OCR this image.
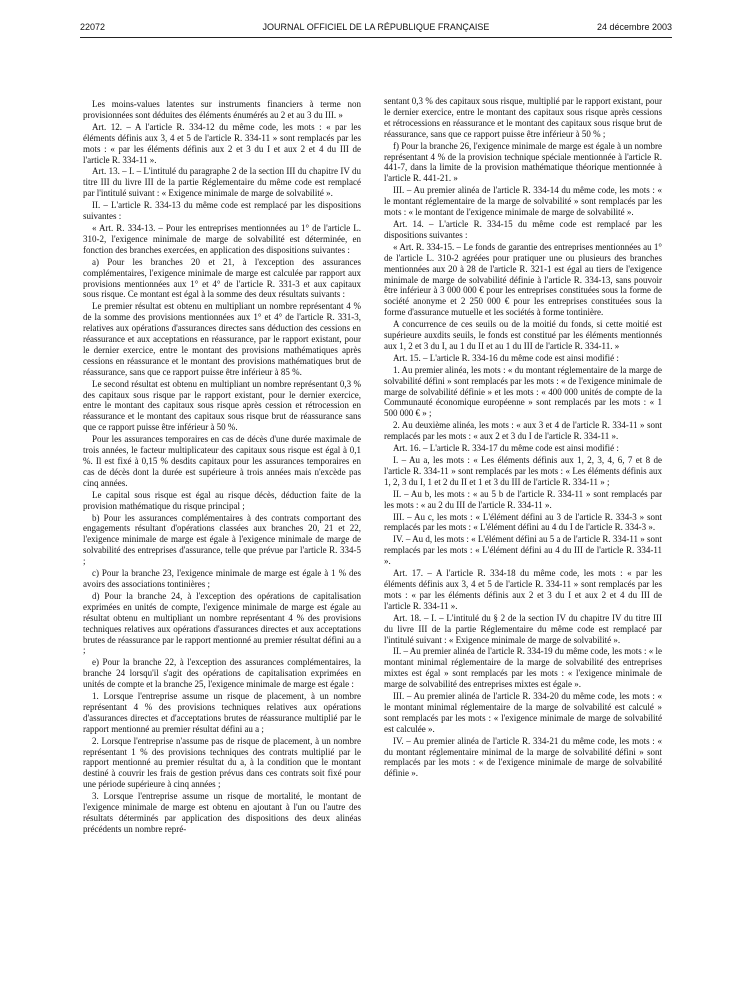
22072	JOURNAL OFFICIEL DE LA RÉPUBLIQUE FRANÇAISE	24 décembre 2003

Les moins-values latentes sur instruments financiers à terme non provisionnées sont déduites des éléments énumérés au 2 et au 3 du III. »

Art. 12. – A l'article R. 334-12 du même code, les mots : « par les éléments définis aux 3, 4 et 5 de l'article R. 334-11 » sont remplacés par les mots : « par les éléments définis aux 2 et 3 du I et aux 2 et 4 du III de l'article R. 334-11 ».

Art. 13. – I. – L'intitulé du paragraphe 2 de la section III du chapitre IV du titre III du livre III de la partie Réglementaire du même code est remplacé par l'intitulé suivant : « Exigence minimale de marge de solvabilité ».

II. – L'article R. 334-13 du même code est remplacé par les dispositions suivantes :

« Art. R. 334-13. – Pour les entreprises mentionnées au 1° de l'article L. 310-2, l'exigence minimale de marge de solvabilité est déterminée, en fonction des branches exercées, en application des dispositions suivantes :

a) Pour les branches 20 et 21, à l'exception des assurances complémentaires, l'exigence minimale de marge est calculée par rapport aux provisions mentionnées aux 1° et 4° de l'article R. 331-3 et aux capitaux sous risque. Ce montant est égal à la somme des deux résultats suivants :

Le premier résultat est obtenu en multipliant un nombre représentant 4 % de la somme des provisions mentionnées aux 1° et 4° de l'article R. 331-3, relatives aux opérations d'assurances directes sans déduction des cessions en réassurance et aux acceptations en réassurance, par le rapport existant, pour le dernier exercice, entre le montant des provisions mathématiques après cessions en réassurance et le montant des provisions mathématiques brut de réassurance, sans que ce rapport puisse être inférieur à 85 %.

Le second résultat est obtenu en multipliant un nombre représentant 0,3 % des capitaux sous risque par le rapport existant, pour le dernier exercice, entre le montant des capitaux sous risque après cession et rétrocession en réassurance et le montant des capitaux sous risque brut de réassurance sans que ce rapport puisse être inférieur à 50 %.

Pour les assurances temporaires en cas de décès d'une durée maximale de trois années, le facteur multiplicateur des capitaux sous risque est égal à 0,1 %. Il est fixé à 0,15 % desdits capitaux pour les assurances temporaires en cas de décès dont la durée est supérieure à trois années mais n'excède pas cinq années.

Le capital sous risque est égal au risque décès, déduction faite de la provision mathématique du risque principal ;

b) Pour les assurances complémentaires à des contrats comportant des engagements résultant d'opérations classées aux branches 20, 21 et 22, l'exigence minimale de marge est égale à l'exigence minimale de marge de solvabilité des entreprises d'assurance, telle que prévue par l'article R. 334-5 ;

c) Pour la branche 23, l'exigence minimale de marge est égale à 1 % des avoirs des associations tontinières ;

d) Pour la branche 24, à l'exception des opérations de capitalisation exprimées en unités de compte, l'exigence minimale de marge est égale au résultat obtenu en multipliant un nombre représentant 4 % des provisions techniques relatives aux opérations d'assurances directes et aux acceptations brutes de réassurance par le rapport mentionné au premier résultat défini au a ;

e) Pour la branche 22, à l'exception des assurances complémentaires, la branche 24 lorsqu'il s'agit des opérations de capitalisation exprimées en unités de compte et la branche 25, l'exigence minimale de marge est égale :

1. Lorsque l'entreprise assume un risque de placement, à un nombre représentant 4 % des provisions techniques relatives aux opérations d'assurances directes et d'acceptations brutes de réassurance multiplié par le rapport mentionné au premier résultat défini au a ;

2. Lorsque l'entreprise n'assume pas de risque de placement, à un nombre représentant 1 % des provisions techniques des contrats multiplié par le rapport mentionné au premier résultat du a, à la condition que le montant destiné à couvrir les frais de gestion prévus dans ces contrats soit fixé pour une période supérieure à cinq années ;

3. Lorsque l'entreprise assume un risque de mortalité, le montant de l'exigence minimale de marge est obtenu en ajoutant à l'un ou l'autre des résultats déterminés par application des dispositions des deux alinéas précédents un nombre repré-

sentant 0,3 % des capitaux sous risque, multiplié par le rapport existant, pour le dernier exercice, entre le montant des capitaux sous risque après cessions et rétrocessions en réassurance et le montant des capitaux sous risque brut de réassurance, sans que ce rapport puisse être inférieur à 50 % ;

f) Pour la branche 26, l'exigence minimale de marge est égale à un nombre représentant 4 % de la provision technique spéciale mentionnée à l'article R. 441-7, dans la limite de la provision mathématique théorique mentionnée à l'article R. 441-21. »

III. – Au premier alinéa de l'article R. 334-14 du même code, les mots : « le montant réglementaire de la marge de solvabilité » sont remplacés par les mots : « le montant de l'exigence minimale de marge de solvabilité ».

Art. 14. – L'article R. 334-15 du même code est remplacé par les dispositions suivantes :

« Art. R. 334-15. – Le fonds de garantie des entreprises mentionnées au 1° de l'article L. 310-2 agréées pour pratiquer une ou plusieurs des branches mentionnées aux 20 à 28 de l'article R. 321-1 est égal au tiers de l'exigence minimale de marge de solvabilité définie à l'article R. 334-13, sans pouvoir être inférieur à 3 000 000 € pour les entreprises constituées sous la forme de société anonyme et 2 250 000 € pour les entreprises constituées sous la forme d'assurance mutuelle et les sociétés à forme tontinière.

A concurrence de ces seuils ou de la moitié du fonds, si cette moitié est supérieure auxdits seuils, le fonds est constitué par les éléments mentionnés aux 1, 2 et 3 du I, au 1 du II et au 1 du III de l'article R. 334-11. »

Art. 15. – L'article R. 334-16 du même code est ainsi modifié :

1. Au premier alinéa, les mots : « du montant réglementaire de la marge de solvabilité défini » sont remplacés par les mots : « de l'exigence minimale de marge de solvabilité définie » et les mots : « 400 000 unités de compte de la Communauté économique européenne » sont remplacés par les mots : « 1 500 000 € » ;

2. Au deuxième alinéa, les mots : « aux 3 et 4 de l'article R. 334-11 » sont remplacés par les mots : « aux 2 et 3 du I de l'article R. 334-11 ».

Art. 16. – L'article R. 334-17 du même code est ainsi modifié :

I. – Au a, les mots : « Les éléments définis aux 1, 2, 3, 4, 6, 7 et 8 de l'article R. 334-11 » sont remplacés par les mots : « Les éléments définis aux 1, 2, 3 du I, 1 et 2 du II et 1 et 3 du III de l'article R. 334-11 » ;

II. – Au b, les mots : « au 5 b de l'article R. 334-11 » sont remplacés par les mots : « au 2 du III de l'article R. 334-11 ».

III. – Au c, les mots : « L'élément défini au 3 de l'article R. 334-3 » sont remplacés par les mots : « L'élément défini au 4 du I de l'article R. 334-3 ».

IV. – Au d, les mots : « L'élément défini au 5 a de l'article R. 334-11 » sont remplacés par les mots : « L'élément défini au 4 du III de l'article R. 334-11 ».

Art. 17. – A l'article R. 334-18 du même code, les mots : « par les éléments définis aux 3, 4 et 5 de l'article R. 334-11 » sont remplacés par les mots : « par les éléments définis aux 2 et 3 du I et aux 2 et 4 du III de l'article R. 334-11 ».

Art. 18. – I. – L'intitulé du § 2 de la section IV du chapitre IV du titre III du livre III de la partie Réglementaire du même code est remplacé par l'intitulé suivant : « Exigence minimale de marge de solvabilité ».

II. – Au premier alinéa de l'article R. 334-19 du même code, les mots : « le montant minimal réglementaire de la marge de solvabilité des entreprises mixtes est égal » sont remplacés par les mots : « l'exigence minimale de marge de solvabilité des entreprises mixtes est égale ».

III. – Au premier alinéa de l'article R. 334-20 du même code, les mots : « le montant minimal réglementaire de la marge de solvabilité est calculé » sont remplacés par les mots : « l'exigence minimale de marge de solvabilité est calculée ».

IV. – Au premier alinéa de l'article R. 334-21 du même code, les mots : « du montant réglementaire minimal de la marge de solvabilité défini » sont remplacés par les mots : « de l'exigence minimale de marge de solvabilité définie ».
